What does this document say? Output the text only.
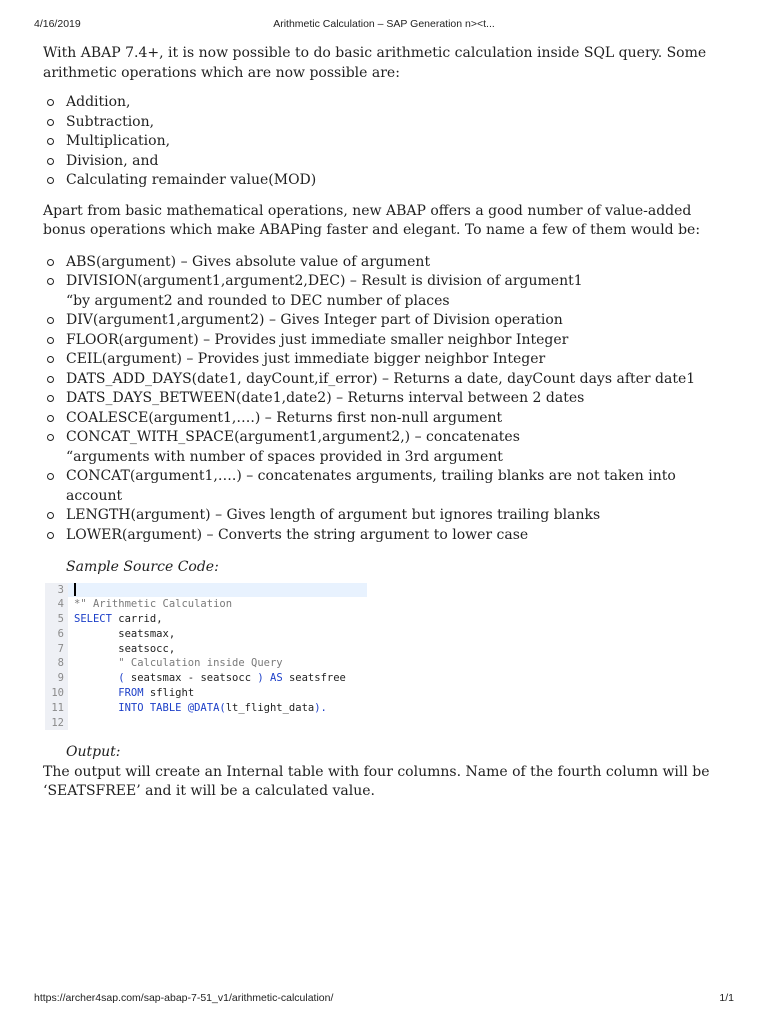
4/16/2019	Arithmetic Calculation – SAP Generation n><t...

With ABAP 7.4+, it is now possible to do basic arithmetic calculation inside SQL query. Some arithmetic operations which are now possible are:

Addition,
Subtraction,
Multiplication,
Division, and
Calculating remainder value(MOD)

Apart from basic mathematical operations, new ABAP offers a good number of value-added bonus operations which make ABAPing faster and elegant. To name a few of them would be:

ABS(argument) – Gives absolute value of argument
DIVISION(argument1,argument2,DEC) – Result is division of argument1
“by argument2 and rounded to DEC number of places
DIV(argument1,argument2) – Gives Integer part of Division operation
FLOOR(argument) – Provides just immediate smaller neighbor Integer
CEIL(argument) – Provides just immediate bigger neighbor Integer
DATS_ADD_DAYS(date1, dayCount,if_error) – Returns a date, dayCount days after date1
DATS_DAYS_BETWEEN(date1,date2) – Returns interval between 2 dates
COALESCE(argument1,….) – Returns first non-null argument
CONCAT_WITH_SPACE(argument1,argument2,) – concatenates
“arguments with number of spaces provided in 3rd argument
CONCAT(argument1,….) – concatenates arguments, trailing blanks are not taken into account
LENGTH(argument) – Gives length of argument but ignores trailing blanks
LOWER(argument) – Converts the string argument to lower case

Sample Source Code:

3
4 *" Arithmetic Calculation
5 SELECT carrid,
6 seatsmax,
7 seatsocc,
8 " Calculation inside Query
9 ( seatsmax - seatsocc ) AS seatsfree
10	FROM sflight
11 INTO TABLE @DATA(lt_flight_data).
12

Output:

The output will create an Internal table with four columns. Name of the fourth column will be ‘SEATSFREE’ and it will be a calculated value.

https://archer4sap.com/sap-abap-7-51_v1/arithmetic-calculation/	1/1
